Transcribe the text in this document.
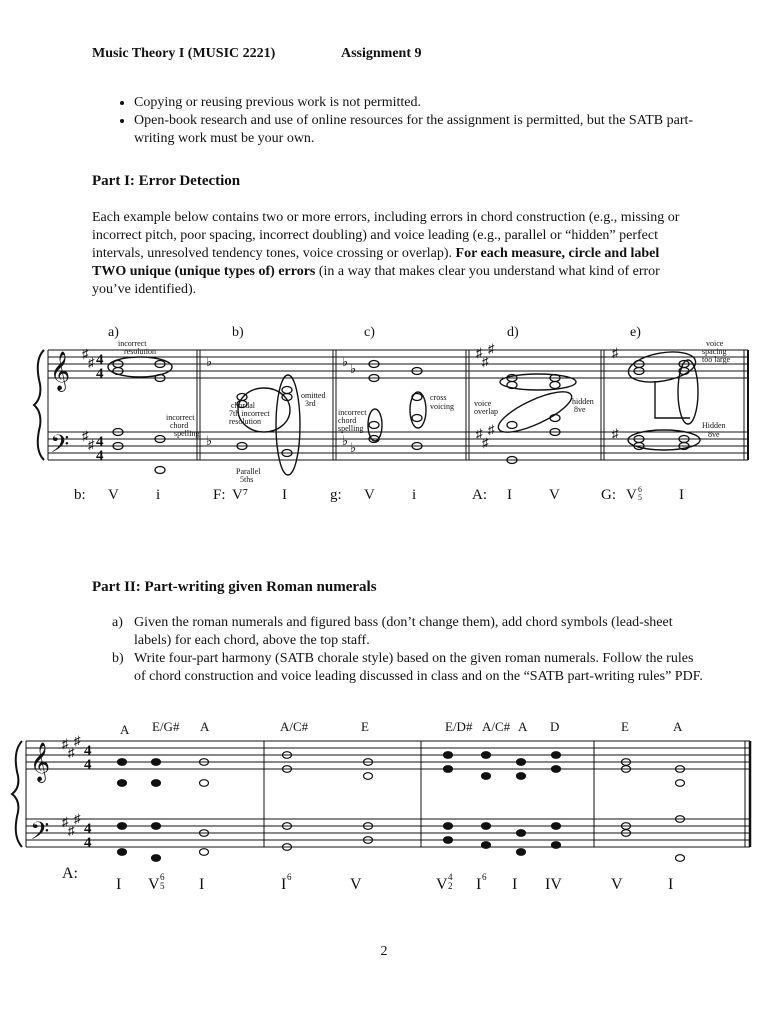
Music Theory I (MUSIC 2221)	Assignment 9
• Copying or reusing previous work is not permitted.
• Open-book research and use of online resources for the assignment is permitted, but the SATB part-writing work must be your own.
Part I: Error Detection

Each example below contains two or more errors, including errors in chord construction (e.g., missing or incorrect pitch, poor spacing, incorrect doubling) and voice leading (e.g., parallel or “hidden” perfect intervals, unresolved tendency tones, voice crossing or overlap). For each measure, circle and label TWO unique (unique types of) errors (in a way that makes clear you understand what kind of error you’ve identified).

𝄞
𝄢
♯
♯
♯
♯
4
4
4
4
♭
♭
♭ ♭
♭ ♭
♯
♯
♯
♯
♯
♯
♯
♯
a)	b)	c)	d)	e)
incorrect
resolution
incorrect
chord
spelling
chordal
7th incorrect
resolution
omitted
3rd
Parallel
5ths
incorrect
chord
spelling
cross
voicing	voice
overlap
hidden
8ve
voice
spacing
too large
Hidden
8ve
b: V i	F: V⁷ I	g: V i	A: I V	G: V	I
6
5
Part II: Part-writing given Roman numerals
a) Given the roman numerals and figured bass (don’t change them), add chord symbols (lead-sheet labels) for each chord, above the top staff.
b) Write four-part harmony (SATB chorale style) based on the given roman numerals. Follow the rules of chord construction and voice leading discussed in class and on the “SATB part-writing rules” PDF.
A E/G# A	A/C#	E	E/D# A/C# A D	E	A
𝄞
𝄢
♯
♯
♯
♯
♯
♯
4
4
4
4
A:
I V I	I	V	V I I IV	V	I
6
5
6	4
2
6
2
